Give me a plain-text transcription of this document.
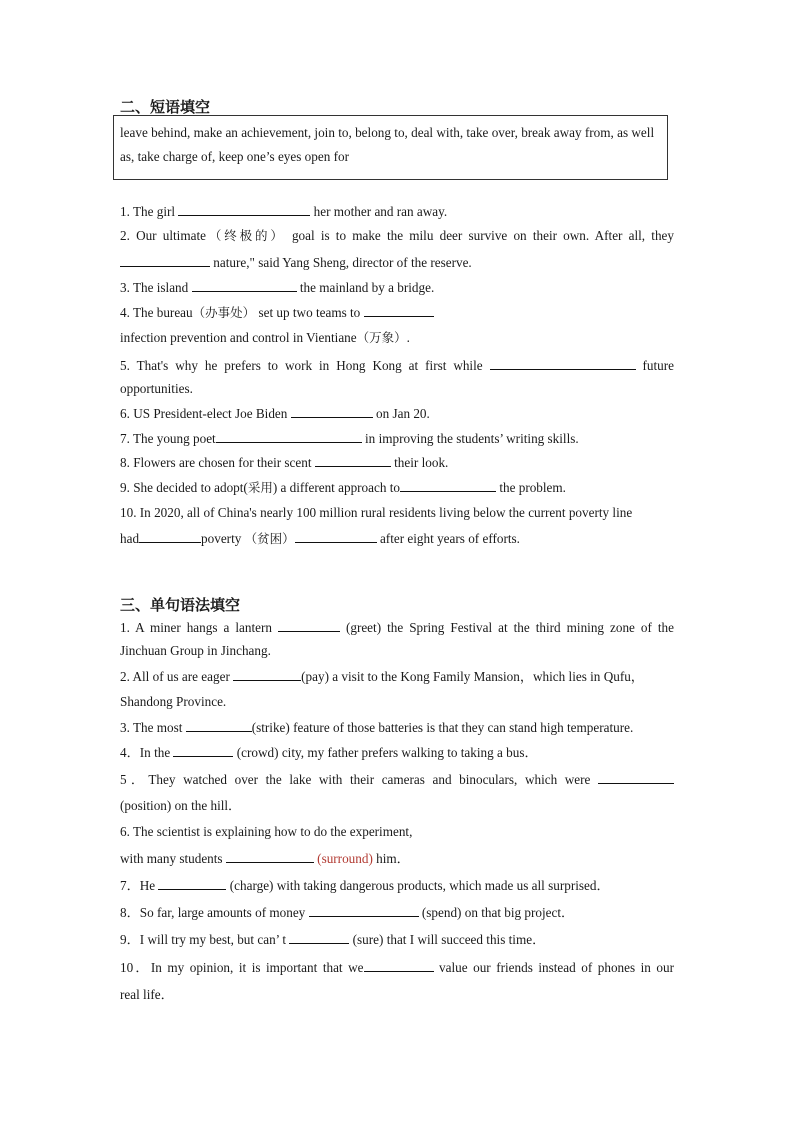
二、短语填空
leave behind, make an achievement, join to, belong to, deal with, take over, break away from, as well as, take charge of, keep one’s eyes open for
1. The girl	her mother and ran away.
2. Our ultimate（终极的） goal is to make the milu deer survive on their own. After all, they
nature," said Yang Sheng, director of the reserve.
3. The island	the mainland by a bridge.
4. The bureau（办事处） set up two teams to
infection prevention and control in Vientiane（万象）.
5. That's why he prefers to work in Hong Kong at first while	future
opportunities.
6. US President-elect Joe Biden	on Jan 20.
7. The young poet	in improving the students’ writing skills.
8. Flowers are chosen for their scent	their look.
9. She decided to adopt(采用) a different approach to	the problem.
10. In 2020, all of China's nearly 100 million rural residents living below the current poverty line
had	poverty （贫困）	after eight years of efforts.
三、单句语法填空
1. A miner hangs a lantern	(greet) the Spring Festival at the third mining zone of the
Jinchuan Group in Jinchang.
2. All of us are eager	(pay) a visit to the Kong Family Mansion，which lies in Qufu，
Shandong Province.
3. The most	(strike) feature of those batteries is that they can stand high temperature.
4．In the	(crowd) city, my father prefers walking to taking a bus．
5．They watched over the lake with their cameras and binoculars, which were
(position) on the hill．
6. The scientist is explaining how to do the experiment,
with many students	(surround) him．
7．He	(charge) with taking dangerous products, which made us all surprised．
8．So far, large amounts of money	(spend) on that big project．
9．I will try my best, but can’ t	(sure) that I will succeed this time．
10．In my opinion, it is important that we	value our friends instead of phones in our
real life．
